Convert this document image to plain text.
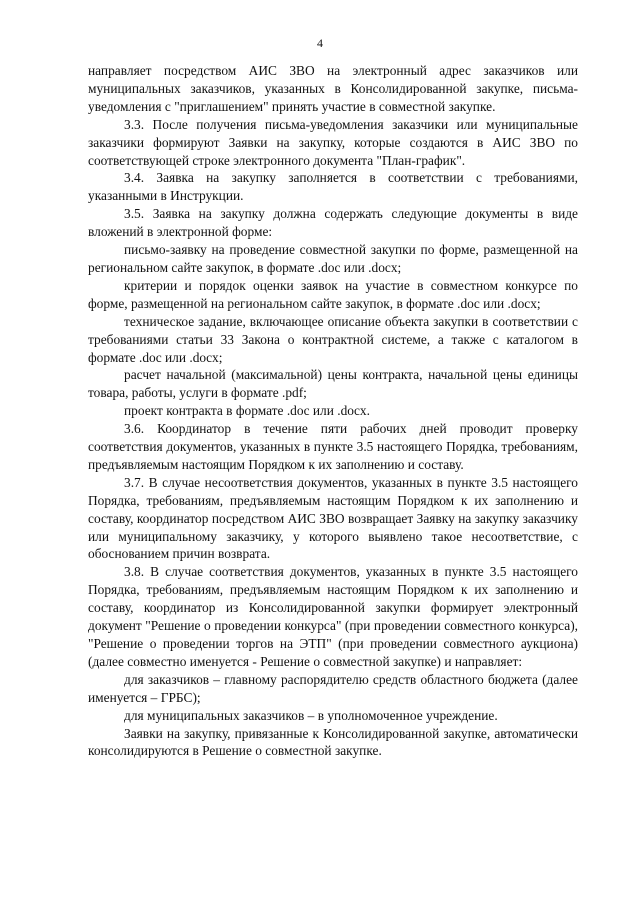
4

направляет посредством АИС ЗВО на электронный адрес заказчиков или муниципальных заказчиков, указанных в Консолидированной закупке, письма-уведомления с "приглашением" принять участие в совместной закупке.

3.3. После получения письма-уведомления заказчики или муниципальные заказчики формируют Заявки на закупку, которые создаются в АИС ЗВО по соответствующей строке электронного документа "План-график".

3.4. Заявка на закупку заполняется в соответствии с требованиями, указанными в Инструкции.

3.5. Заявка на закупку должна содержать следующие документы в виде вложений в электронной форме:

письмо-заявку на проведение совместной закупки по форме, размещенной на региональном сайте закупок, в формате .doc или .docx;

критерии и порядок оценки заявок на участие в совместном конкурсе по форме, размещенной на региональном сайте закупок, в формате .doc или .docx;

техническое задание, включающее описание объекта закупки в соответствии с требованиями статьи 33 Закона о контрактной системе, а также с каталогом в формате .doc или .docx;

расчет начальной (максимальной) цены контракта, начальной цены единицы товара, работы, услуги в формате .pdf;

проект контракта в формате .doc или .docx.

3.6. Координатор в течение пяти рабочих дней проводит проверку соответствия документов, указанных в пункте 3.5 настоящего Порядка, требованиям, предъявляемым настоящим Порядком к их заполнению и составу.

3.7. В случае несоответствия документов, указанных в пункте 3.5 настоящего Порядка, требованиям, предъявляемым настоящим Порядком к их заполнению и составу, координатор посредством АИС ЗВО возвращает Заявку на закупку заказчику или муниципальному заказчику, у которого выявлено такое несоответствие, с обоснованием причин возврата.

3.8. В случае соответствия документов, указанных в пункте 3.5 настоящего Порядка, требованиям, предъявляемым настоящим Порядком к их заполнению и составу, координатор из Консолидированной закупки формирует электронный документ "Решение о проведении конкурса" (при проведении совместного конкурса), "Решение о проведении торгов на ЭТП" (при проведении совместного аукциона) (далее совместно именуется - Решение о совместной закупке) и направляет:

для заказчиков – главному распорядителю средств областного бюджета (далее именуется – ГРБС);

для муниципальных заказчиков – в уполномоченное учреждение.

Заявки на закупку, привязанные к Консолидированной закупке, автоматически консолидируются в Решение о совместной закупке.
